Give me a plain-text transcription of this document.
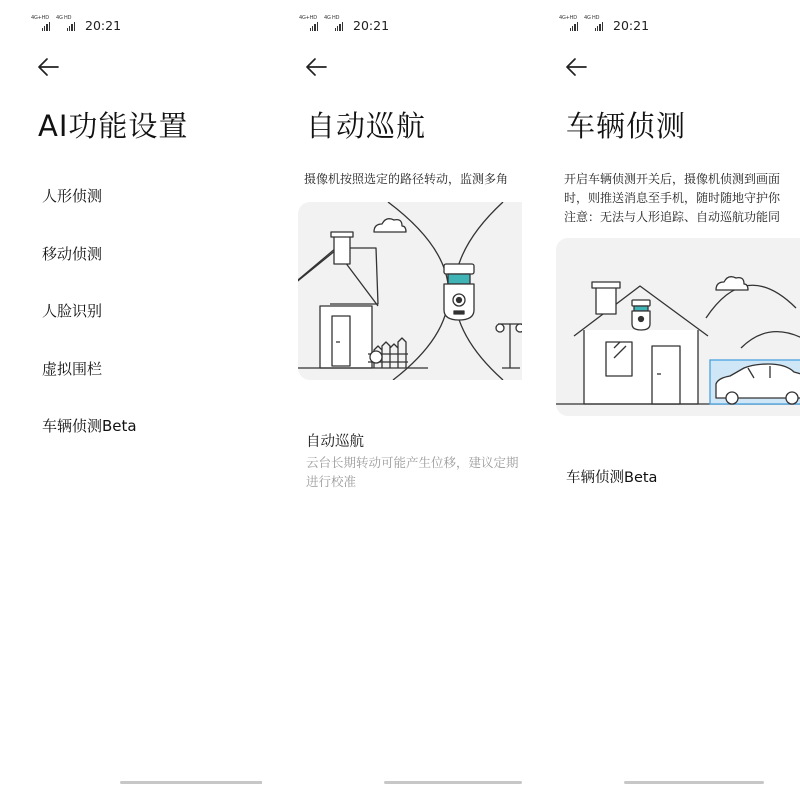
4G+HD 4G HD
20:21
AI功能设置
人形侦测
移动侦测
人脸识别
虚拟围栏
车辆侦测Beta
4G+HD 4G HD
20:21
自动巡航
摄像机按照选定的路径转动，监测多角
自动巡航
云台长期转动可能产生位移，建议定期
进行校准
4G+HD 4G HD
20:21
车辆侦测
开启车辆侦测开关后，摄像机侦测到画面
时，则推送消息至手机，随时随地守护你
注意：无法与人形追踪、自动巡航功能同
车辆侦测Beta
